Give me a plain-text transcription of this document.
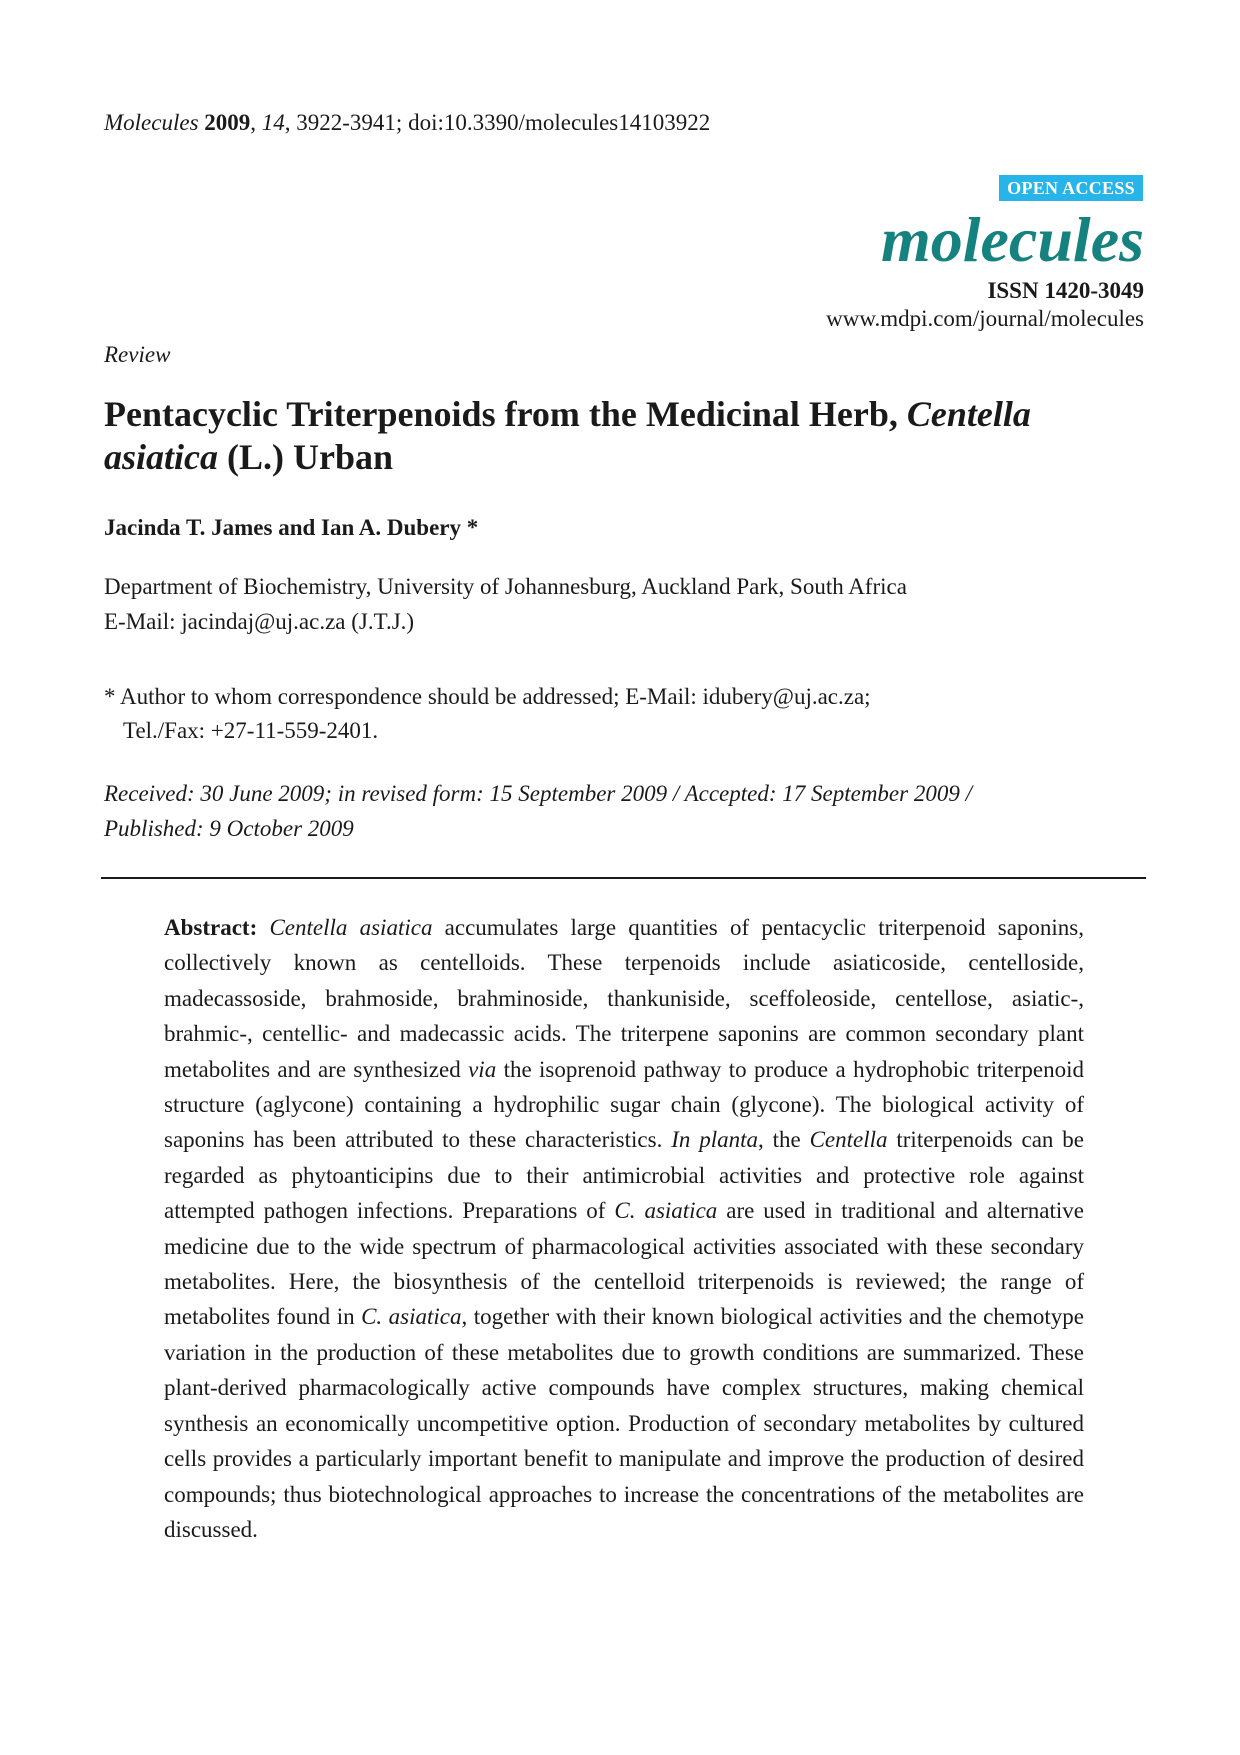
Molecules 2009, 14, 3922-3941; doi:10.3390/molecules14103922
OPEN ACCESS
molecules
ISSN 1420-3049
www.mdpi.com/journal/molecules
Review
Pentacyclic Triterpenoids from the Medicinal Herb, Centella asiatica (L.) Urban
Jacinda T. James and Ian A. Dubery *
Department of Biochemistry, University of Johannesburg, Auckland Park, South Africa
E-Mail: jacindaj@uj.ac.za (J.T.J.)
* Author to whom correspondence should be addressed; E-Mail: idubery@uj.ac.za;
Tel./Fax: +27-11-559-2401.
Received: 30 June 2009; in revised form: 15 September 2009 / Accepted: 17 September 2009 /
Published: 9 October 2009
Abstract: Centella asiatica accumulates large quantities of pentacyclic triterpenoid saponins, collectively known as centelloids. These terpenoids include asiaticoside, centelloside, madecassoside, brahmoside, brahminoside, thankuniside, sceffoleoside, centellose, asiatic-, brahmic-, centellic- and madecassic acids. The triterpene saponins are common secondary plant metabolites and are synthesized via the isoprenoid pathway to produce a hydrophobic triterpenoid structure (aglycone) containing a hydrophilic sugar chain (glycone). The biological activity of saponins has been attributed to these characteristics. In planta, the Centella triterpenoids can be regarded as phytoanticipins due to their antimicrobial activities and protective role against attempted pathogen infections. Preparations of C. asiatica are used in traditional and alternative medicine due to the wide spectrum of pharmacological activities associated with these secondary metabolites. Here, the biosynthesis of the centelloid triterpenoids is reviewed; the range of metabolites found in C. asiatica, together with their known biological activities and the chemotype variation in the production of these metabolites due to growth conditions are summarized. These plant-derived pharmacologically active compounds have complex structures, making chemical synthesis an economically uncompetitive option. Production of secondary metabolites by cultured cells provides a particularly important benefit to manipulate and improve the production of desired compounds; thus biotechnological approaches to increase the concentrations of the metabolites are discussed.
